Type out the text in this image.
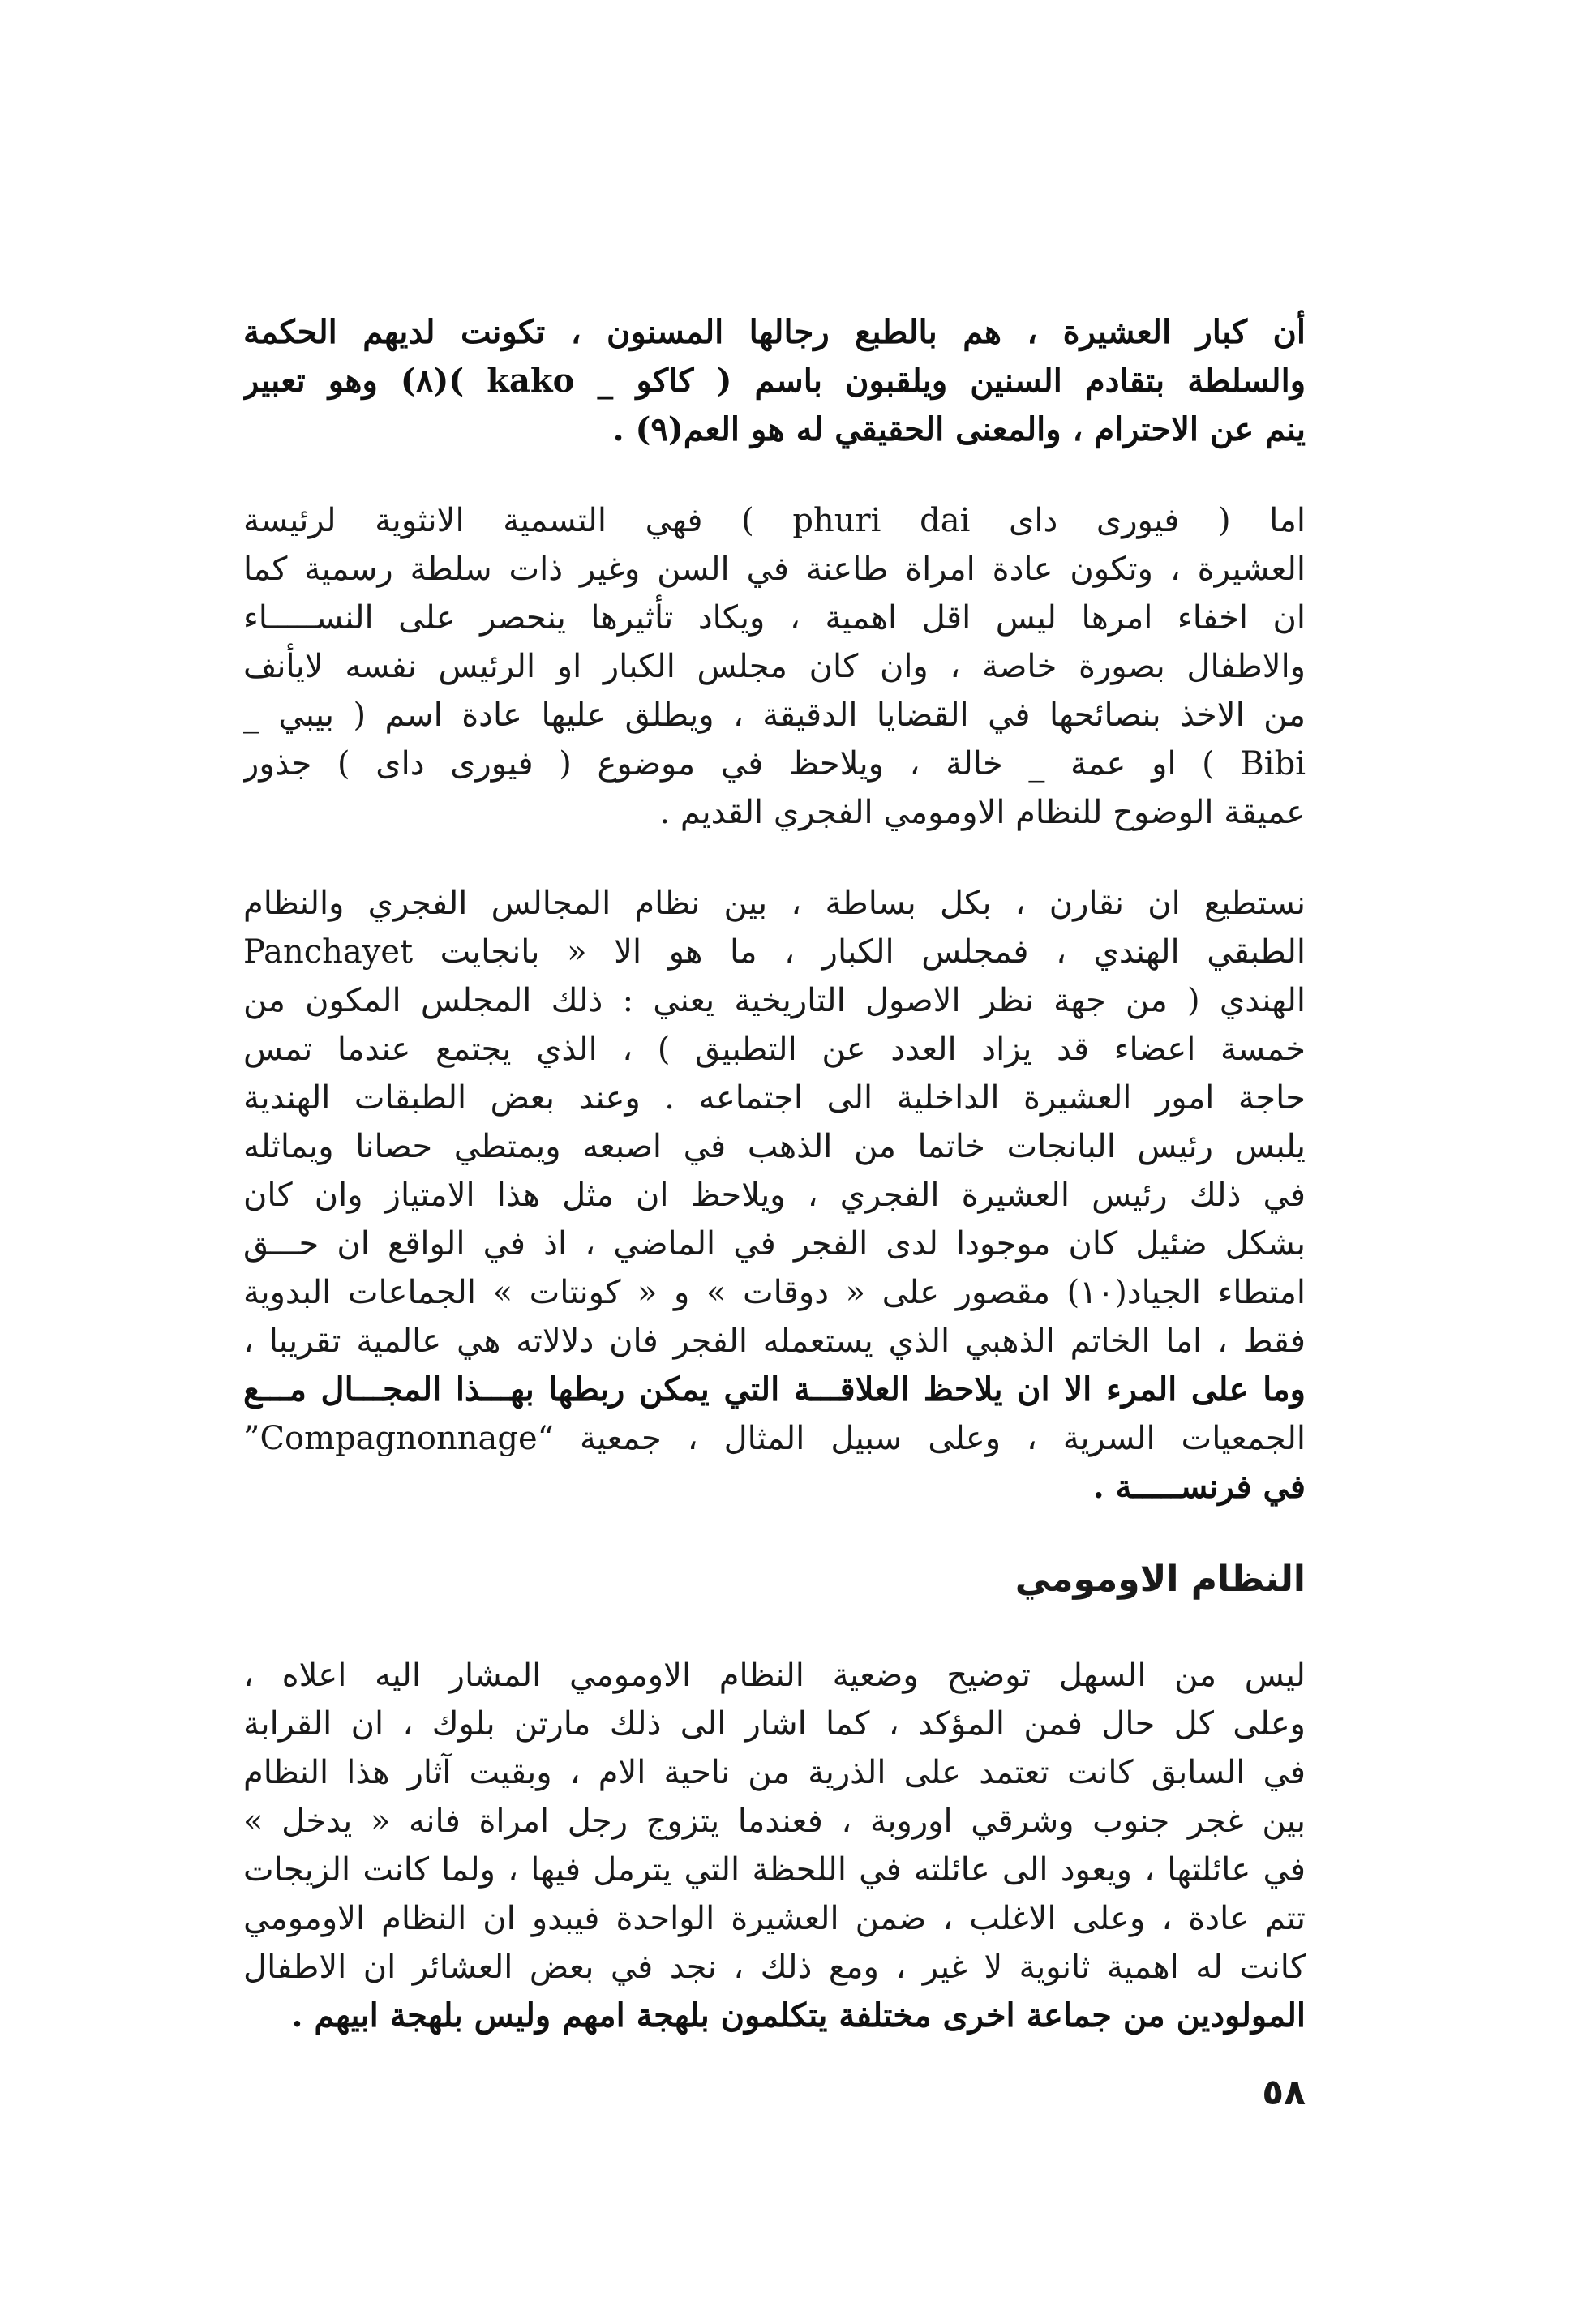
أن كبار العشيرة ، هم بالطبع رجالها المسنون ، تكونت لديهم الحكمة
والسلطة بتقادم السنين ويلقبون باسم ( كاكو _ kako )(٨) وهو تعبير
ينم عن الاحترام ، والمعنى الحقيقي له هو العم(٩) .
اما ( فيورى داى phuri dai ) فهي التسمية الانثوية لرئيسة
العشيرة ، وتكون عادة امراة طاعنة في السن وغير ذات سلطة رسمية كما
ان اخفاء امرها ليس اقل اهمية ، ويكاد تأثيرها ينحصر على النســـــاء
والاطفال بصورة خاصة ، وان كان مجلس الكبار او الرئيس نفسه لايأنف
من الاخذ بنصائحها في القضايا الدقيقة ، ويطلق عليها عادة اسم ( بيبي _
Bibi ) او عمة _ خالة ، ويلاحظ في موضوع ( فيورى داى ) جذور
عميقة الوضوح للنظام الاومومي الفجري القديم .
نستطيع ان نقارن ، بكل بساطة ، بين نظام المجالس الفجري والنظام
الطبقي الهندي ، فمجلس الكبار ، ما هو الا « بانجايت Panchayet
الهندي ( من جهة نظر الاصول التاريخية يعني : ذلك المجلس المكون من
خمسة اعضاء قد يزاد العدد عن التطبيق ) ، الذي يجتمع عندما تمس
حاجة امور العشيرة الداخلية الى اجتماعه . وعند بعض الطبقات الهندية
يلبس رئيس البانجات خاتما من الذهب في اصبعه ويمتطي حصانا ويماثله
في ذلك رئيس العشيرة الفجري ، ويلاحظ ان مثل هذا الامتياز وان كان
بشكل ضئيل كان موجودا لدى الفجر في الماضي ، اذ في الواقع ان حـــق
امتطاء الجياد(١٠) مقصور على « دوقات » و « كونتات » الجماعات البدوية
فقط ، اما الخاتم الذهبي الذي يستعمله الفجر فان دلالاته هي عالمية تقريبا ،
وما على المرء الا ان يلاحظ العلاقـــة التي يمكن ربطها بهـــذا المجـــال مـــع
الجمعيات السرية ، وعلى سبيل المثال ، جمعية “Compagnonnage”
في فرنســـــة .
النظام الاومومي
ليس من السهل توضيح وضعية النظام الاومومي المشار اليه اعلاه ،
وعلى كل حال فمن المؤكد ، كما اشار الى ذلك مارتن بلوك ، ان القرابة
في السابق كانت تعتمد على الذرية من ناحية الام ، وبقيت آثار هذا النظام
بين غجر جنوب وشرقي اوروبة ، فعندما يتزوج رجل امراة فانه « يدخل »
في عائلتها ، ويعود الى عائلته في اللحظة التي يترمل فيها ، ولما كانت الزيجات
تتم عادة ، وعلى الاغلب ، ضمن العشيرة الواحدة فيبدو ان النظام الاومومي
كانت له اهمية ثانوية لا غير ، ومع ذلك ، نجد في بعض العشائر ان الاطفال
المولودين من جماعة اخرى مختلفة يتكلمون بلهجة امهم وليس بلهجة ابيهم .
٥٨
